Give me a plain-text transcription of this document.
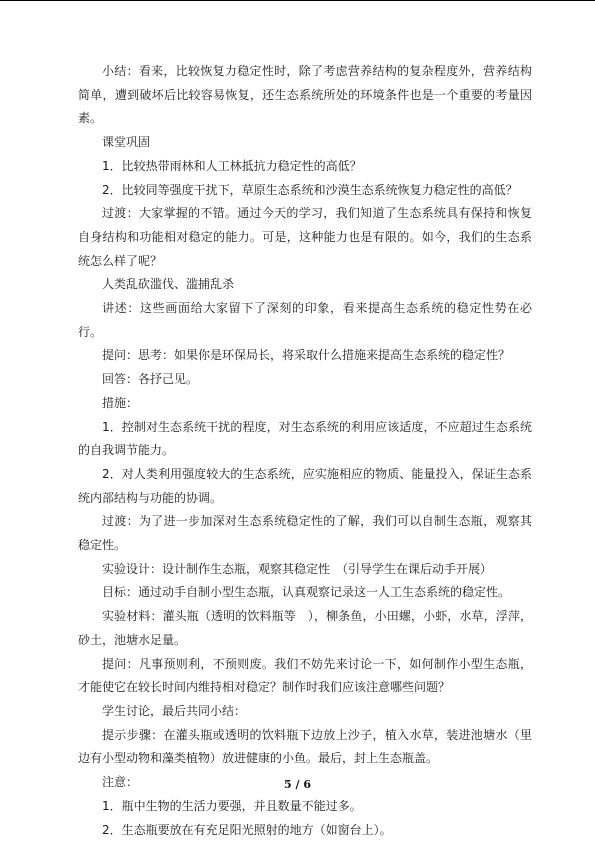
小结：看来，比较恢复力稳定性时，除了考虑营养结构的复杂程度外，营养结构简单，遭到破坏后比较容易恢复，还生态系统所处的环境条件也是一个重要的考量因素。

课堂巩固

1．比较热带雨林和人工林抵抗力稳定性的高低？

2．比较同等强度干扰下，草原生态系统和沙漠生态系统恢复力稳定性的高低？

过渡：大家掌握的不错。通过今天的学习，我们知道了生态系统具有保持和恢复自身结构和功能相对稳定的能力。可是，这种能力也是有限的。如今，我们的生态系统怎么样了呢？

人类乱砍滥伐、滥捕乱杀

讲述：这些画面给大家留下了深刻的印象，看来提高生态系统的稳定性势在必行。

提问：思考：如果你是环保局长，将采取什么措施来提高生态系统的稳定性？

回答：各抒己见。

措施：

1．控制对生态系统干扰的程度，对生态系统的利用应该适度，不应超过生态系统的自我调节能力。

2．对人类利用强度较大的生态系统，应实施相应的物质、能量投入，保证生态系统内部结构与功能的协调。

过渡：为了进一步加深对生态系统稳定性的了解，我们可以自制生态瓶，观察其稳定性。

实验设计：设计制作生态瓶，观察其稳定性　（引导学生在课后动手开展）

目标：通过动手自制小型生态瓶，认真观察记录这一人工生态系统的稳定性。

实验材料：灌头瓶（透明的饮料瓶等　），柳条鱼，小田螺，小虾，水草，浮萍，砂土，池塘水足量。

提问：凡事预则利，不预则废。我们不妨先来讨论一下，如何制作小型生态瓶，才能使它在较长时间内维持相对稳定？制作时我们应该注意哪些问题？

学生讨论，最后共同小结：

提示步骤：在灌头瓶或透明的饮料瓶下边放上沙子，植入水草，装进池塘水（里边有小型动物和藻类植物）放进健康的小鱼。最后，封上生态瓶盖。

注意：

1．瓶中生物的生活力要强，并且数量不能过多。

2．生态瓶要放在有充足阳光照射的地方（如窗台上）。

5 / 6
